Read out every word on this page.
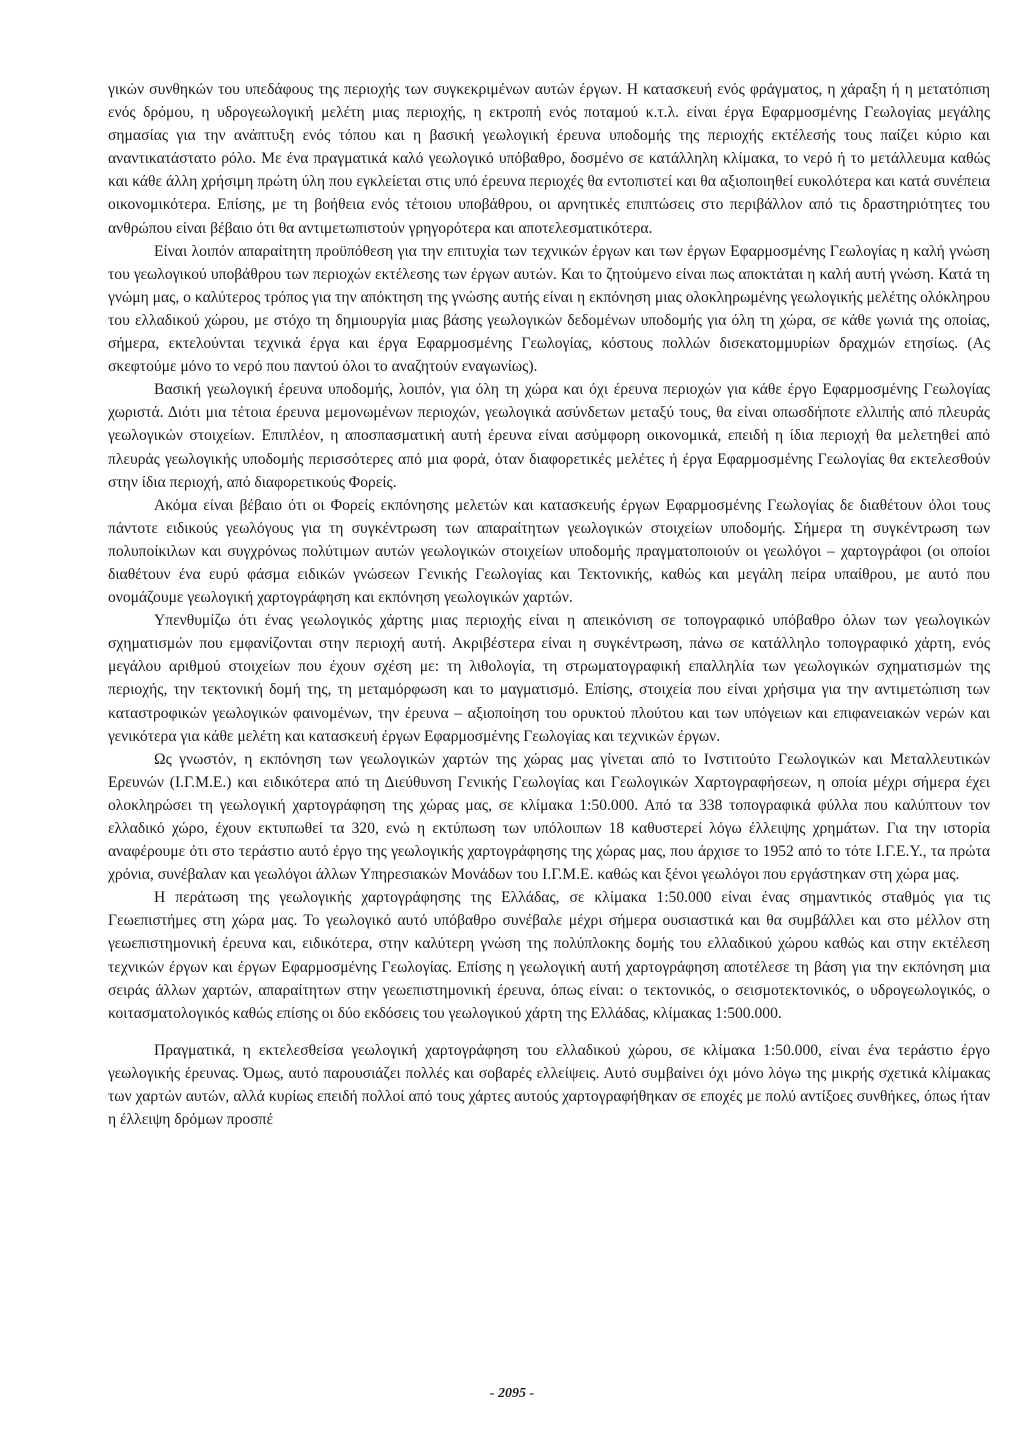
γικών συνθηκών του υπεδάφους της περιοχής των συγκεκριμένων αυτών έργων. Η κατασκευή ενός φράγματος, η χάραξη ή η μετατόπιση ενός δρόμου, η υδρογεωλογική μελέτη μιας περιοχής, η εκτροπή ενός ποταμού κ.τ.λ. είναι έργα Εφαρμοσμένης Γεωλογίας μεγάλης σημασίας για την ανάπτυξη ενός τόπου και η βασική γεωλογική έρευνα υποδομής της περιοχής εκτέλεσής τους παίζει κύριο και αναντικατάστατο ρόλο. Με ένα πραγματικά καλό γεωλογικό υπόβαθρο, δοσμένο σε κατάλληλη κλίμακα, το νερό ή το μετάλλευμα καθώς και κάθε άλλη χρήσιμη πρώτη ύλη που εγκλείεται στις υπό έρευνα περιοχές θα εντοπιστεί και θα αξιοποιηθεί ευκολότερα και κατά συνέπεια οικονομικότερα. Επίσης, με τη βοήθεια ενός τέτοιου υποβάθρου, οι αρνητικές επιπτώσεις στο περιβάλλον από τις δραστηριότητες του ανθρώπου είναι βέβαιο ότι θα αντιμετωπιστούν γρηγορότερα και αποτελεσματικότερα.

Είναι λοιπόν απαραίτητη προϋπόθεση για την επιτυχία των τεχνικών έργων και των έργων Εφαρμοσμένης Γεωλογίας η καλή γνώση του γεωλογικού υποβάθρου των περιοχών εκτέλεσης των έργων αυτών. Και το ζητούμενο είναι πως αποκτάται η καλή αυτή γνώση. Κατά τη γνώμη μας, ο καλύτερος τρόπος για την απόκτηση της γνώσης αυτής είναι η εκπόνηση μιας ολοκληρωμένης γεωλογικής μελέτης ολόκληρου του ελλαδικού χώρου, με στόχο τη δημιουργία μιας βάσης γεωλογικών δεδομένων υποδομής για όλη τη χώρα, σε κάθε γωνιά της οποίας, σήμερα, εκτελούνται τεχνικά έργα και έργα Εφαρμοσμένης Γεωλογίας, κόστους πολλών δισεκατομμυρίων δραχμών ετησίως. (Ας σκεφτούμε μόνο το νερό που παντού όλοι το αναζητούν εναγωνίως).

Βασική γεωλογική έρευνα υποδομής, λοιπόν, για όλη τη χώρα και όχι έρευνα περιοχών για κάθε έργο Εφαρμοσμένης Γεωλογίας χωριστά. Διότι μια τέτοια έρευνα μεμονωμένων περιοχών, γεωλογικά ασύνδετων μεταξύ τους, θα είναι οπωσδήποτε ελλιπής από πλευράς γεωλογικών στοιχείων. Επιπλέον, η αποσπασματική αυτή έρευνα είναι ασύμφορη οικονομικά, επειδή η ίδια περιοχή θα μελετηθεί από πλευράς γεωλογικής υποδομής περισσότερες από μια φορά, όταν διαφορετικές μελέτες ή έργα Εφαρμοσμένης Γεωλογίας θα εκτελεσθούν στην ίδια περιοχή, από διαφορετικούς Φορείς.

Ακόμα είναι βέβαιο ότι οι Φορείς εκπόνησης μελετών και κατασκευής έργων Εφαρμοσμένης Γεωλογίας δε διαθέτουν όλοι τους πάντοτε ειδικούς γεωλόγους για τη συγκέντρωση των απαραίτητων γεωλογικών στοιχείων υποδομής. Σήμερα τη συγκέντρωση των πολυποίκιλων και συγχρόνως πολύτιμων αυτών γεωλογικών στοιχείων υποδομής πραγματοποιούν οι γεωλόγοι – χαρτογράφοι (οι οποίοι διαθέτουν ένα ευρύ φάσμα ειδικών γνώσεων Γενικής Γεωλογίας και Τεκτονικής, καθώς και μεγάλη πείρα υπαίθρου, με αυτό που ονομάζουμε γεωλογική χαρτογράφηση και εκπόνηση γεωλογικών χαρτών.

Υπενθυμίζω ότι ένας γεωλογικός χάρτης μιας περιοχής είναι η απεικόνιση σε τοπογραφικό υπόβαθρο όλων των γεωλογικών σχηματισμών που εμφανίζονται στην περιοχή αυτή. Ακριβέστερα είναι η συγκέντρωση, πάνω σε κατάλληλο τοπογραφικό χάρτη, ενός μεγάλου αριθμού στοιχείων που έχουν σχέση με: τη λιθολογία, τη στρωματογραφική επαλληλία των γεωλογικών σχηματισμών της περιοχής, την τεκτονική δομή της, τη μεταμόρφωση και το μαγματισμό. Επίσης, στοιχεία που είναι χρήσιμα για την αντιμετώπιση των καταστροφικών γεωλογικών φαινομένων, την έρευνα – αξιοποίηση του ορυκτού πλούτου και των υπόγειων και επιφανειακών νερών και γενικότερα για κάθε μελέτη και κατασκευή έργων Εφαρμοσμένης Γεωλογίας και τεχνικών έργων.

Ως γνωστόν, η εκπόνηση των γεωλογικών χαρτών της χώρας μας γίνεται από το Ινστιτούτο Γεωλογικών και Μεταλλευτικών Ερευνών (Ι.Γ.Μ.Ε.) και ειδικότερα από τη Διεύθυνση Γενικής Γεωλογίας και Γεωλογικών Χαρτογραφήσεων, η οποία μέχρι σήμερα έχει ολοκληρώσει τη γεωλογική χαρτογράφηση της χώρας μας, σε κλίμακα 1:50.000. Από τα 338 τοπογραφικά φύλλα που καλύπτουν τον ελλαδικό χώρο, έχουν εκτυπωθεί τα 320, ενώ η εκτύπωση των υπόλοιπων 18 καθυστερεί λόγω έλλειψης χρημάτων. Για την ιστορία αναφέρουμε ότι στο τεράστιο αυτό έργο της γεωλογικής χαρτογράφησης της χώρας μας, που άρχισε το 1952 από το τότε Ι.Γ.Ε.Υ., τα πρώτα χρόνια, συνέβαλαν και γεωλόγοι άλλων Υπηρεσιακών Μονάδων του Ι.Γ.Μ.Ε. καθώς και ξένοι γεωλόγοι που εργάστηκαν στη χώρα μας.

Η περάτωση της γεωλογικής χαρτογράφησης της Ελλάδας, σε κλίμακα 1:50.000 είναι ένας σημαντικός σταθμός για τις Γεωεπιστήμες στη χώρα μας. Το γεωλογικό αυτό υπόβαθρο συνέβαλε μέχρι σήμερα ουσιαστικά και θα συμβάλλει και στο μέλλον στη γεωεπιστημονική έρευνα και, ειδικότερα, στην καλύτερη γνώση της πολύπλοκης δομής του ελλαδικού χώρου καθώς και στην εκτέλεση τεχνικών έργων και έργων Εφαρμοσμένης Γεωλογίας. Επίσης η γεωλογική αυτή χαρτογράφηση αποτέλεσε τη βάση για την εκπόνηση μια σειράς άλλων χαρτών, απαραίτητων στην γεωεπιστημονική έρευνα, όπως είναι: ο τεκτονικός, ο σεισμοτεκτονικός, ο υδρογεωλογικός, ο κοιτασματολογικός καθώς επίσης οι δύο εκδόσεις του γεωλογικού χάρτη της Ελλάδας, κλίμακας 1:500.000.

Πραγματικά, η εκτελεσθείσα γεωλογική χαρτογράφηση του ελλαδικού χώρου, σε κλίμακα 1:50.000, είναι ένα τεράστιο έργο γεωλογικής έρευνας. Όμως, αυτό παρουσιάζει πολλές και σοβαρές ελλείψεις. Αυτό συμβαίνει όχι μόνο λόγω της μικρής σχετικά κλίμακας των χαρτών αυτών, αλλά κυρίως επειδή πολλοί από τους χάρτες αυτούς χαρτογραφήθηκαν σε εποχές με πολύ αντίξοες συνθήκες, όπως ήταν η έλλειψη δρόμων προσπέ

- 2095 -
